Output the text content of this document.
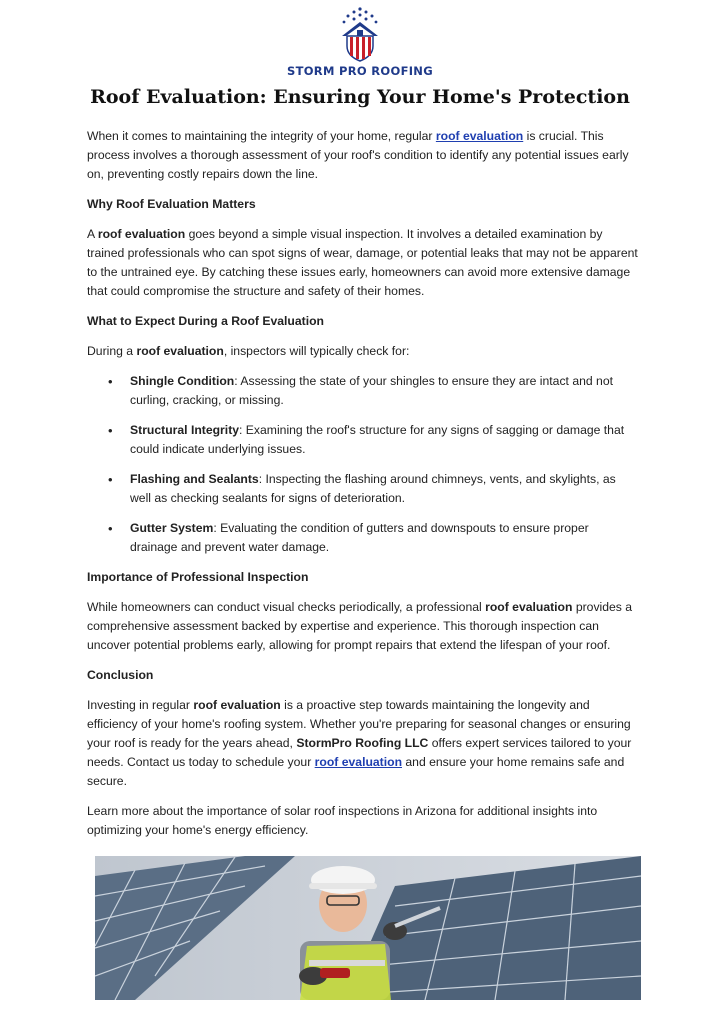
STORM PRO ROOFING
Roof Evaluation: Ensuring Your Home's Protection

When it comes to maintaining the integrity of your home, regular roof evaluation is crucial. This process involves a thorough assessment of your roof's condition to identify any potential issues early on, preventing costly repairs down the line.

Why Roof Evaluation Matters

A roof evaluation goes beyond a simple visual inspection. It involves a detailed examination by trained professionals who can spot signs of wear, damage, or potential leaks that may not be apparent to the untrained eye. By catching these issues early, homeowners can avoid more extensive damage that could compromise the structure and safety of their homes.

What to Expect During a Roof Evaluation

During a roof evaluation, inspectors will typically check for:

• Shingle Condition: Assessing the state of your shingles to ensure they are intact and not curling, cracking, or missing.
• Structural Integrity: Examining the roof's structure for any signs of sagging or damage that could indicate underlying issues.
• Flashing and Sealants: Inspecting the flashing around chimneys, vents, and skylights, as well as checking sealants for signs of deterioration.
• Gutter System: Evaluating the condition of gutters and downspouts to ensure proper drainage and prevent water damage.
Importance of Professional Inspection

While homeowners can conduct visual checks periodically, a professional roof evaluation provides a comprehensive assessment backed by expertise and experience. This thorough inspection can uncover potential problems early, allowing for prompt repairs that extend the lifespan of your roof.

Conclusion

Investing in regular roof evaluation is a proactive step towards maintaining the longevity and efficiency of your home's roofing system. Whether you're preparing for seasonal changes or ensuring your roof is ready for the years ahead, StormPro Roofing LLC offers expert services tailored to your needs. Contact us today to schedule your roof evaluation and ensure your home remains safe and secure.

Learn more about the importance of solar roof inspections in Arizona for additional insights into optimizing your home's energy efficiency.
